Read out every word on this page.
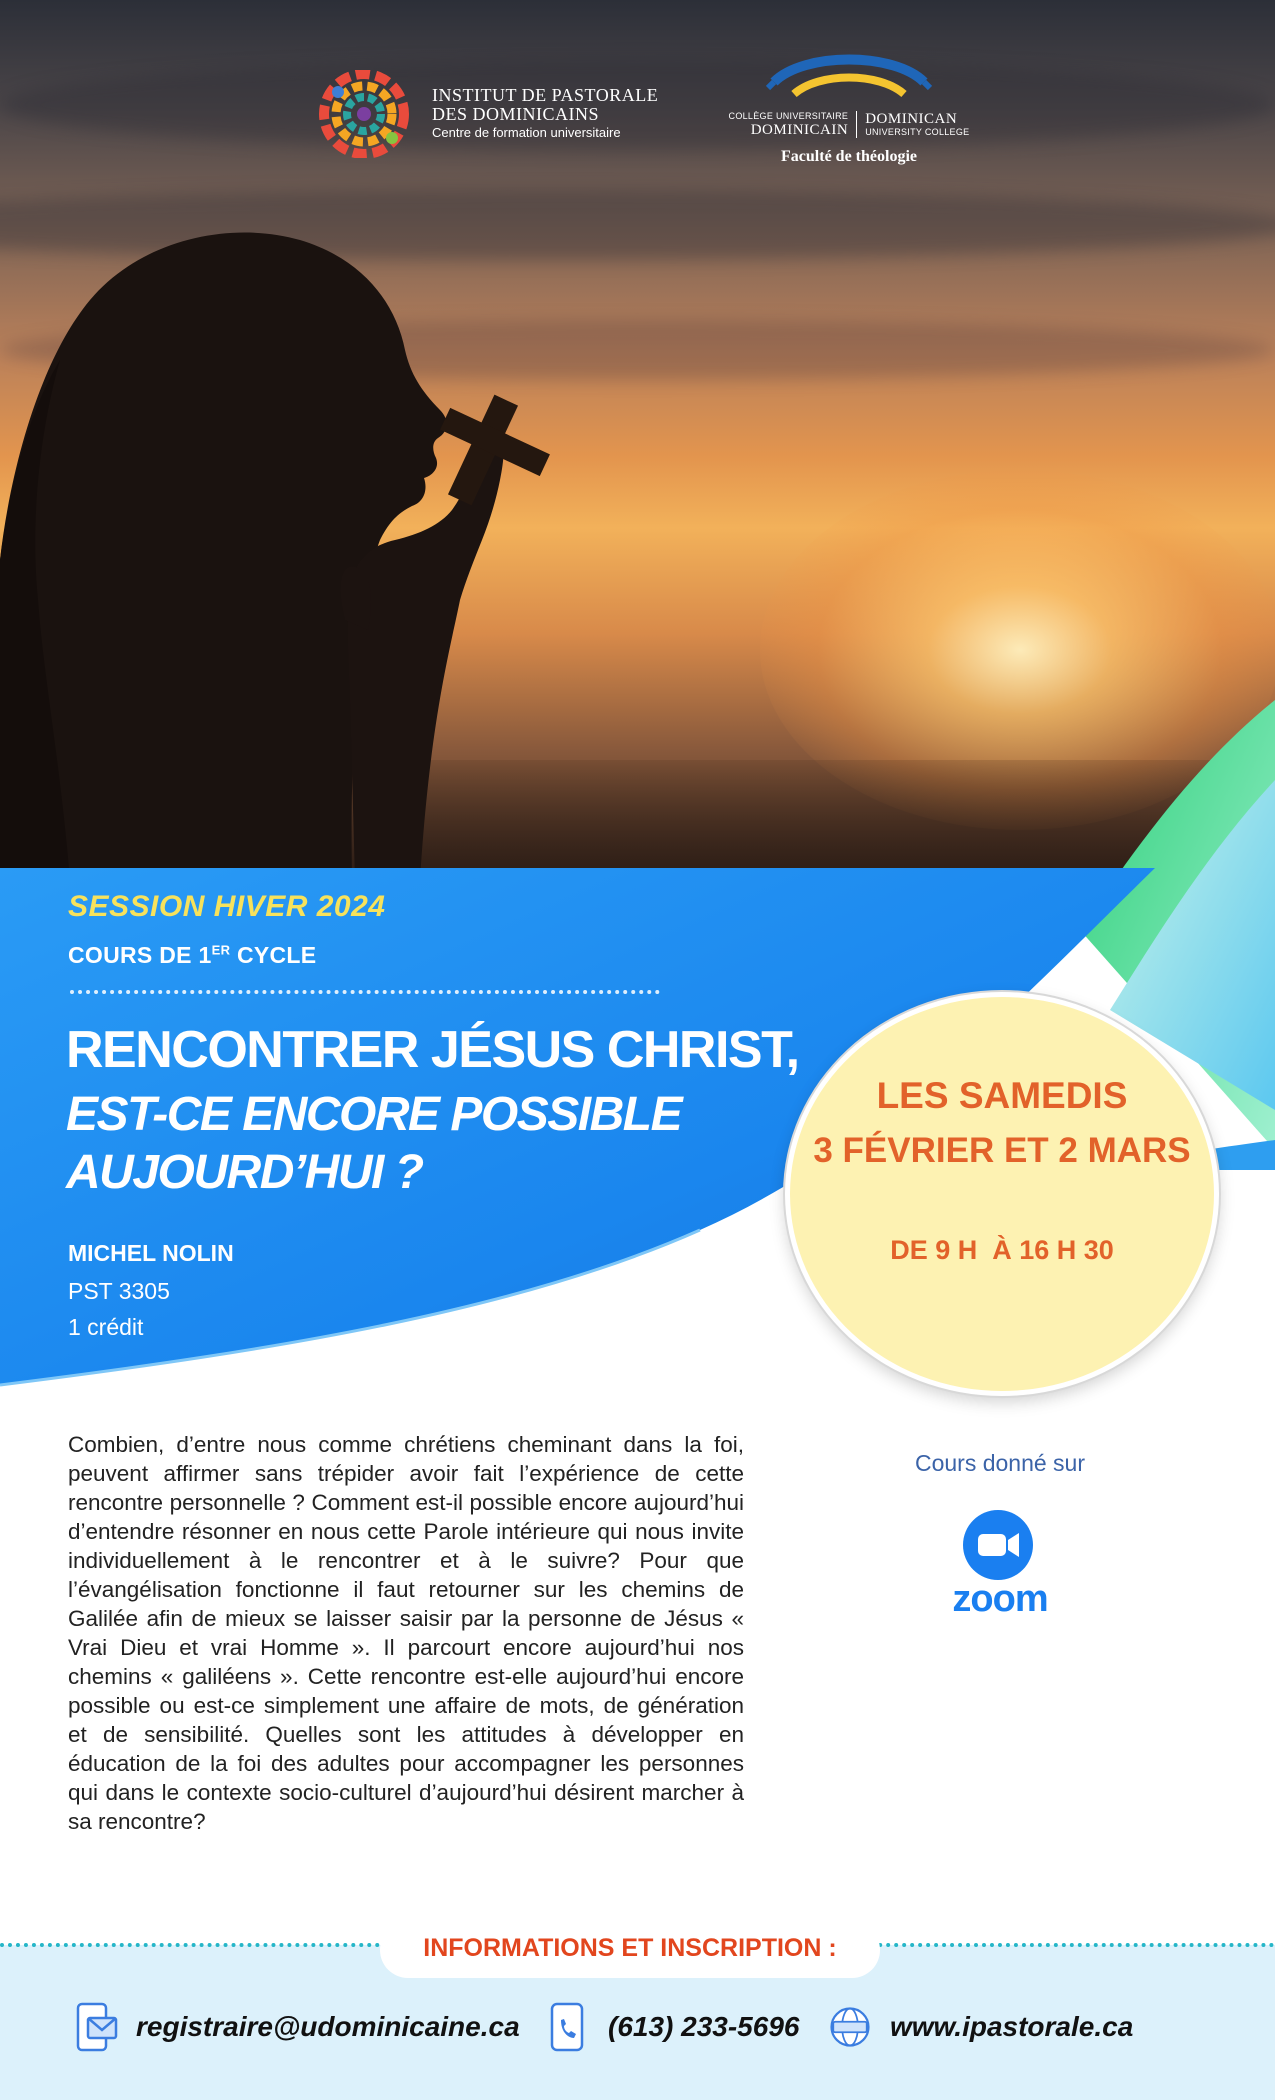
INSTITUT DE PASTORALE
DES DOMINICAINS
Centre de formation universitaire
COLLÈGE UNIVERSITAIRE
DOMINICAIN
DOMINICAN
UNIVERSITY COLLEGE
Faculté de théologie
SESSION HIVER 2024
COURS DE 1ER CYCLE
RENCONTRER JÉSUS CHRIST,
EST-CE ENCORE POSSIBLE
AUJOURD’HUI ?
MICHEL NOLIN
PST 3305
1 crédit
LES SAMEDIS
3 FÉVRIER ET 2 MARS
DE 9 H  À 16 H 30
Combien, d’entre nous comme chrétiens cheminant dans la foi, peuvent affirmer sans trépider avoir fait l’expérience de cette rencontre personnelle ? Comment est-il possible encore aujourd’hui d’entendre résonner en nous cette Parole intérieure qui nous invite individuellement à le rencontrer et à le suivre? Pour que l’évangélisation fonctionne il faut retourner sur les chemins de Galilée afin de mieux se laisser saisir par la personne de Jésus « Vrai Dieu et vrai Homme ». Il parcourt encore aujourd’hui nos chemins « galiléens ». Cette rencontre est-elle aujourd’hui encore possible ou est-ce simplement une affaire de mots, de génération et de sensibilité. Quelles sont les attitudes à développer en éducation de la foi des adultes pour accompagner les personnes qui dans le contexte socio-culturel d’aujourd’hui désirent marcher à sa rencontre?
Cours donné sur
zoom
INFORMATIONS ET INSCRIPTION :
registraire@udominicaine.ca	(613) 233-5696	www.ipastorale.ca
